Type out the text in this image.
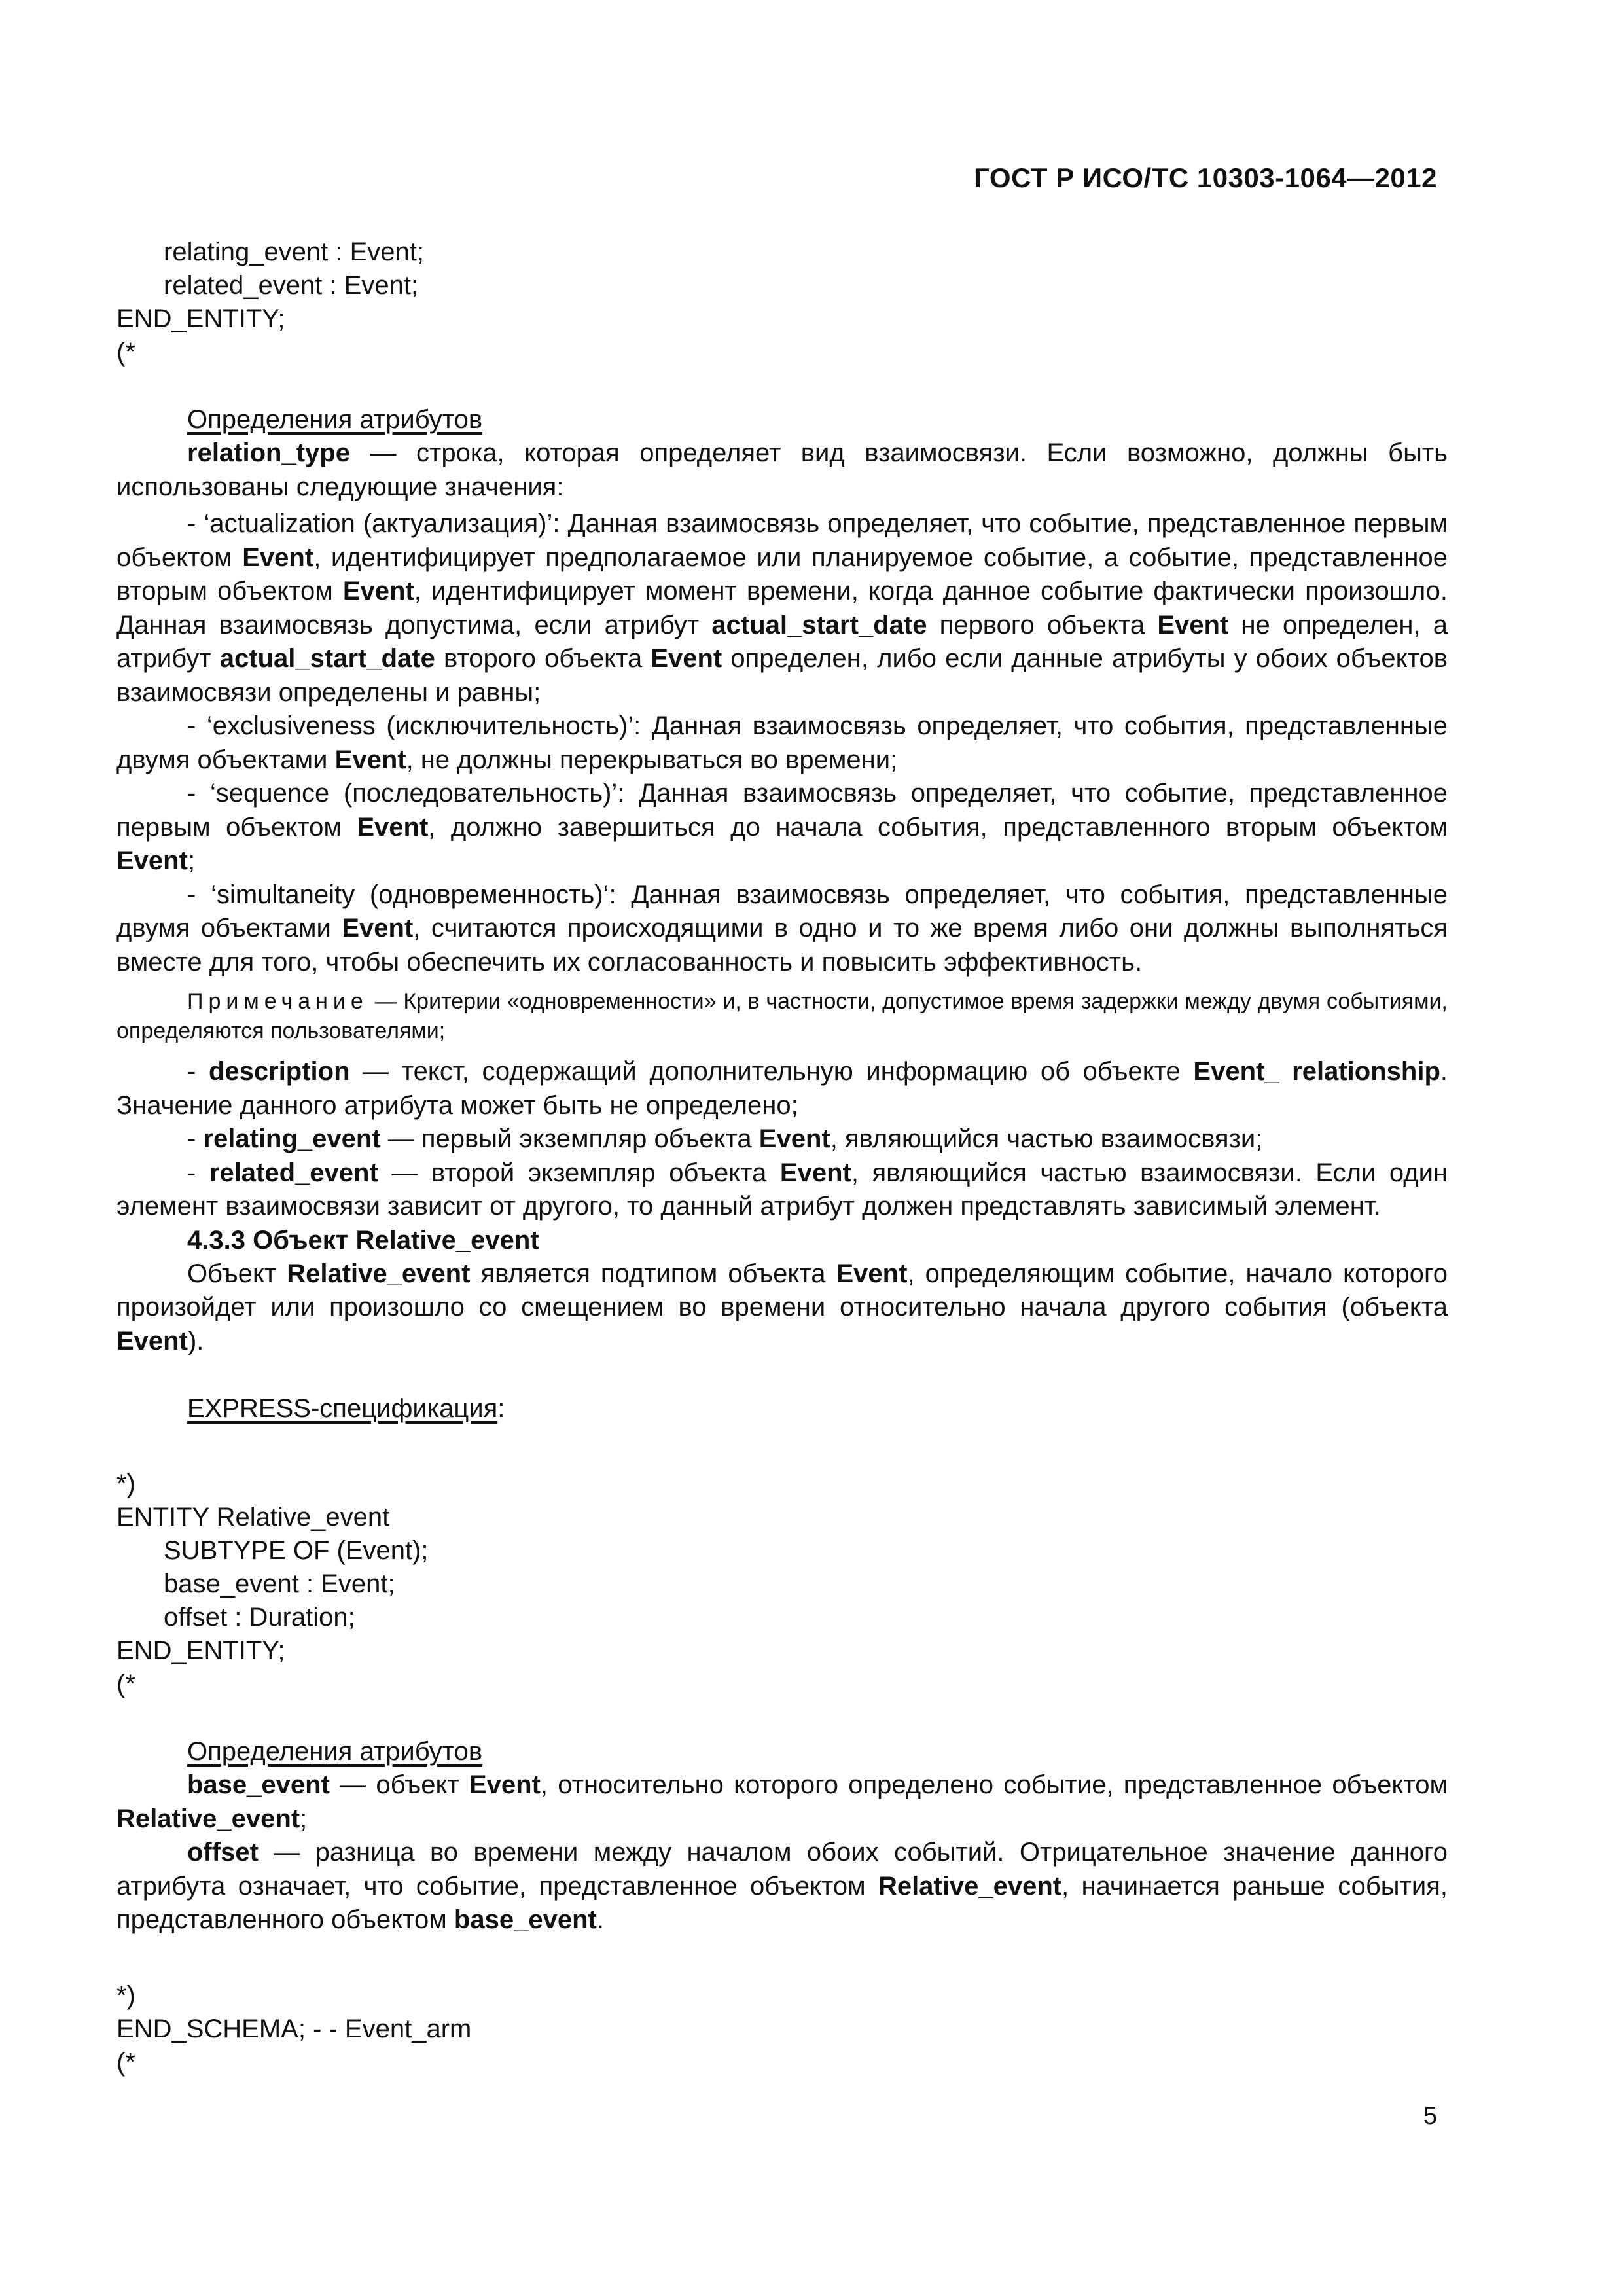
ГОСТ Р ИСО/ТС 10303-1064—2012
relating_event : Event;
related_event : Event;
END_ENTITY;
(*
Определения атрибутов

relation_type — строка, которая определяет вид взаимосвязи. Если возможно, должны быть использованы следующие значения:

- ‘actualization (актуализация)’: Данная взаимосвязь определяет, что событие, представленное первым объектом Event, идентифицирует предполагаемое или планируемое событие, а событие, представленное вторым объектом Event, идентифицирует момент времени, когда данное событие фактически произошло. Данная взаимосвязь допустима, если атрибут actual_start_date первого объекта Event не определен, а атрибут actual_start_date второго объекта Event определен, либо если данные атрибуты у обоих объектов взаимосвязи определены и равны;

- ‘exclusiveness (исключительность)’: Данная взаимосвязь определяет, что события, представленные двумя объектами Event, не должны перекрываться во времени;

- ‘sequence (последовательность)’: Данная взаимосвязь определяет, что событие, представленное первым объектом Event, должно завершиться до начала события, представленного вторым объектом Event;

- ‘simultaneity (одновременность)‘: Данная взаимосвязь определяет, что события, представленные двумя объектами Event, считаются происходящими в одно и то же время либо они должны выполняться вместе для того, чтобы обеспечить их согласованность и повысить эффективность.

Примечание — Критерии «одновременности» и, в частности, допустимое время задержки между двумя событиями, определяются пользователями;

- description — текст, содержащий дополнительную информацию об объекте Event_ relationship. Значение данного атрибута может быть не определено;

- relating_event — первый экземпляр объекта Event, являющийся частью взаимосвязи;

- related_event — второй экземпляр объекта Event, являющийся частью взаимосвязи. Если один элемент взаимосвязи зависит от другого, то данный атрибут должен представлять зависимый элемент.

4.3.3 Объект Relative_event

Объект Relative_event является подтипом объекта Event, определяющим событие, начало которого произойдет или произошло со смещением во времени относительно начала другого события (объекта Event).

EXPRESS-спецификация:
*)
ENTITY Relative_event
SUBTYPE OF (Event);
base_event : Event;
offset : Duration;
END_ENTITY;
(*
Определения атрибутов

base_event — объект Event, относительно которого определено событие, представленное объектом Relative_event;

offset — разница во времени между началом обоих событий. Отрицательное значение данного атрибута означает, что событие, представленное объектом Relative_event, начинается раньше события, представленного объектом base_event.

*)
END_SCHEMA; - - Event_arm
(*
5
